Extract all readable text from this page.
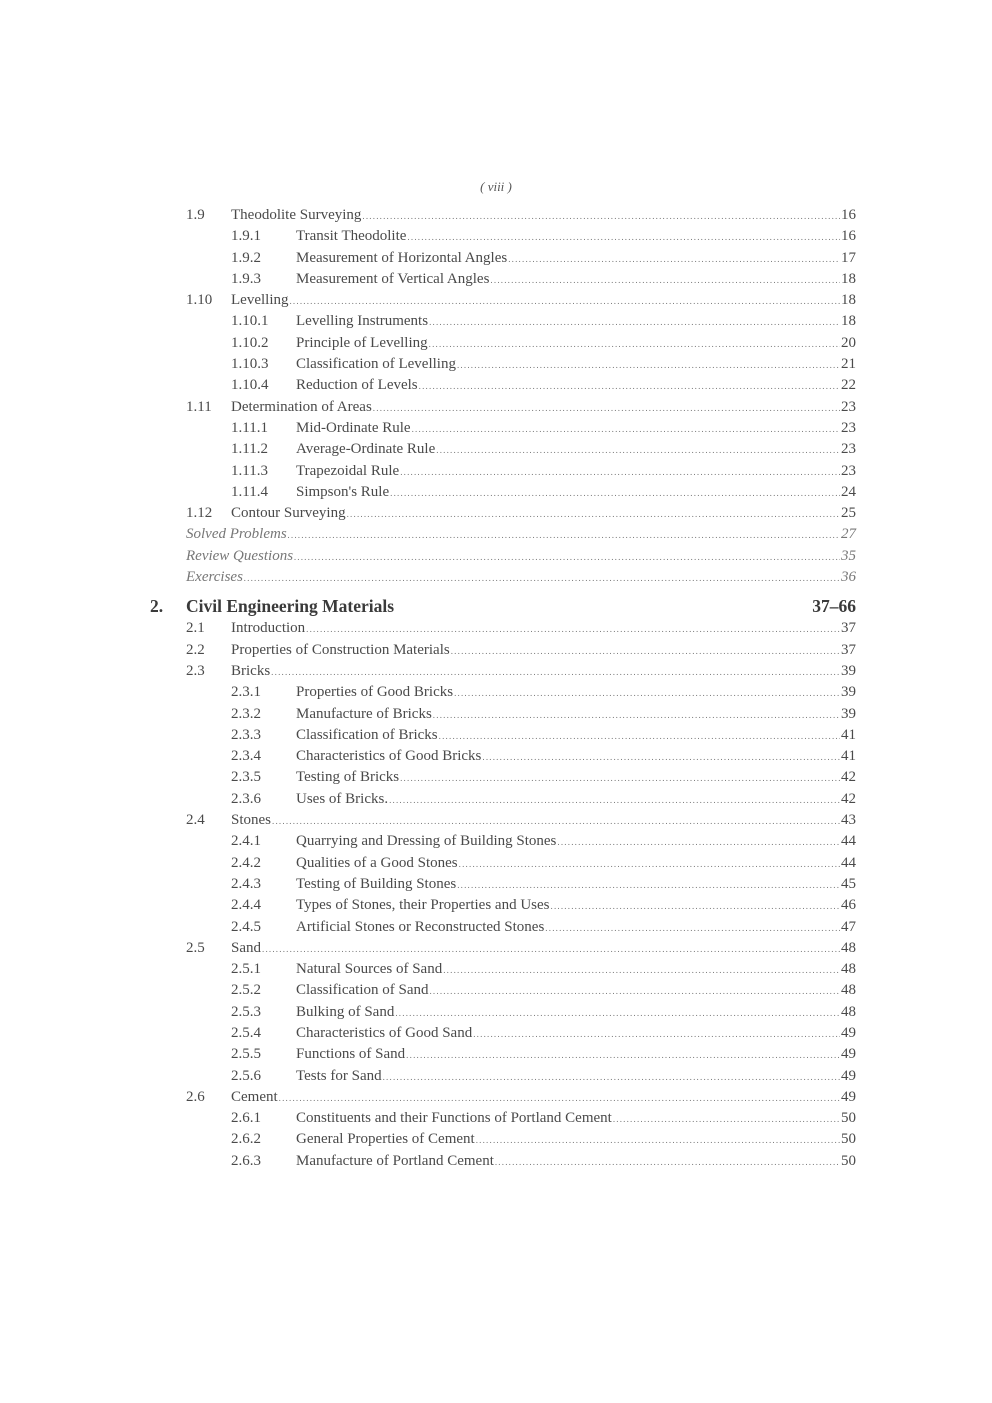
( viii )
1.9	Theodolite Surveying .....	16
1.9.1	Transit Theodolite .....	16
1.9.2	Measurement of Horizontal Angles .....	17
1.9.3	Measurement of Vertical Angles .....	18
1.10	Levelling .....	18
1.10.1	Levelling Instruments .....	18
1.10.2	Principle of Levelling .....	20
1.10.3	Classification of Levelling .....	21
1.10.4	Reduction of Levels .....	22
1.11	Determination of Areas .....	23
1.11.1	Mid-Ordinate Rule .....	23
1.11.2	Average-Ordinate Rule .....	23
1.11.3	Trapezoidal Rule .....	23
1.11.4	Simpson's Rule .....	24
1.12	Contour Surveying .....	25
Solved Problems .....	27
Review Questions .....	35
Exercises .....	36
2.	Civil Engineering Materials	37–66
2.1	Introduction .....	37
2.2	Properties of Construction Materials .....	37
2.3	Bricks .....	39
2.3.1	Properties of Good Bricks .....	39
2.3.2	Manufacture of Bricks .....	39
2.3.3	Classification of Bricks .....	41
2.3.4	Characteristics of Good Bricks .....	41
2.3.5	Testing of Bricks .....	42
2.3.6	Uses of Bricks. .....	42
2.4	Stones .....	43
2.4.1	Quarrying and Dressing of Building Stones .....	44
2.4.2	Qualities of a Good Stones .....	44
2.4.3	Testing of Building Stones .....	45
2.4.4	Types of Stones, their Properties and Uses .....	46
2.4.5	Artificial Stones or Reconstructed Stones .....	47
2.5	Sand .....	48
2.5.1	Natural Sources of Sand .....	48
2.5.2	Classification of Sand .....	48
2.5.3	Bulking of Sand .....	48
2.5.4	Characteristics of Good Sand .....	49
2.5.5	Functions of Sand .....	49
2.5.6	Tests for Sand .....	49
2.6	Cement .....	49
2.6.1	Constituents and their Functions of Portland Cement .....	50
2.6.2	General Properties of Cement .....	50
2.6.3	Manufacture of Portland Cement .....	50
